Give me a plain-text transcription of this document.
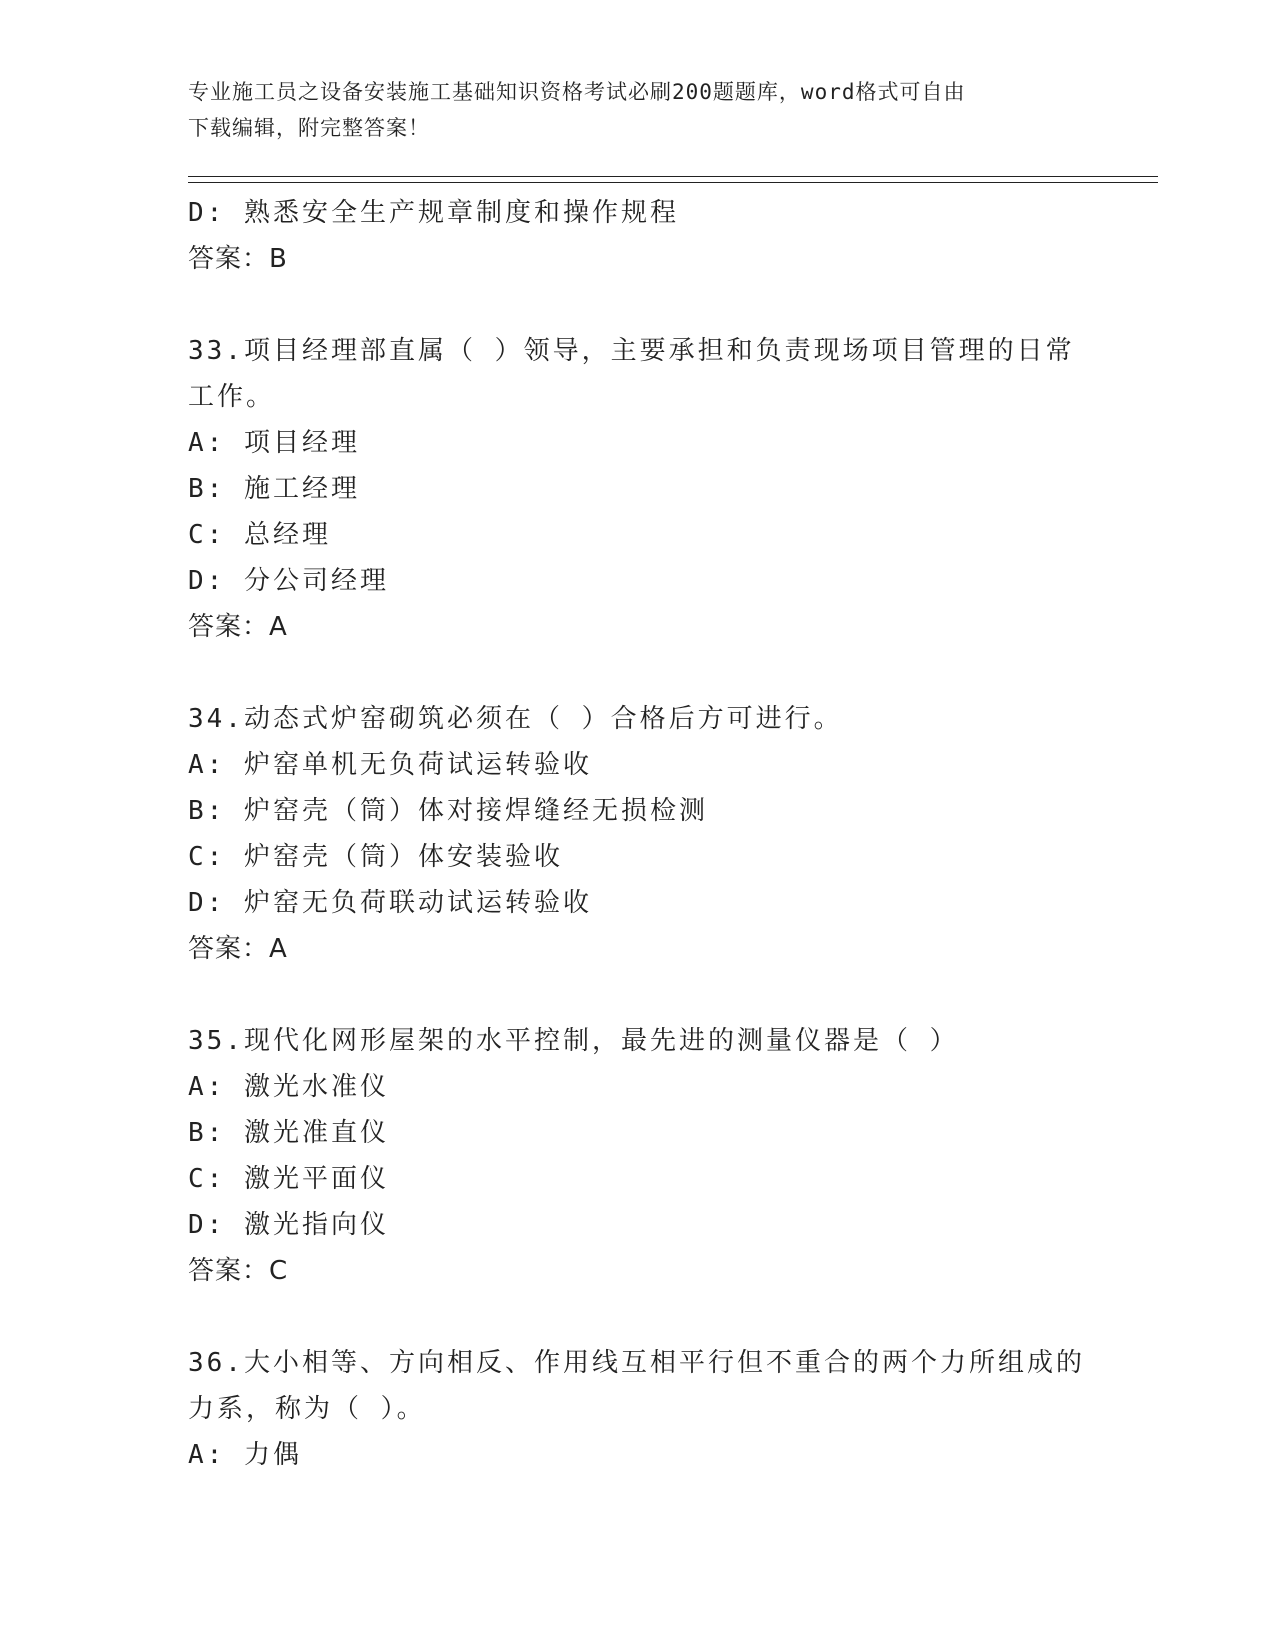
专业施工员之设备安装施工基础知识资格考试必刷200题题库，word格式可自由
下载编辑，附完整答案！
D: 熟悉安全生产规章制度和操作规程
答案：B
33.项目经理部直属（ ）领导，主要承担和负责现场项目管理的日常
工作。
A: 项目经理
B: 施工经理
C: 总经理
D: 分公司经理
答案：A
34.动态式炉窑砌筑必须在（ ）合格后方可进行。
A: 炉窑单机无负荷试运转验收
B: 炉窑壳（筒）体对接焊缝经无损检测
C: 炉窑壳（筒）体安装验收
D: 炉窑无负荷联动试运转验收
答案：A
35.现代化网形屋架的水平控制，最先进的测量仪器是（ ）
A: 激光水准仪
B: 激光准直仪
C: 激光平面仪
D: 激光指向仪
答案：C
36.大小相等、方向相反、作用线互相平行但不重合的两个力所组成的
力系，称为（ ）。
A: 力偶
